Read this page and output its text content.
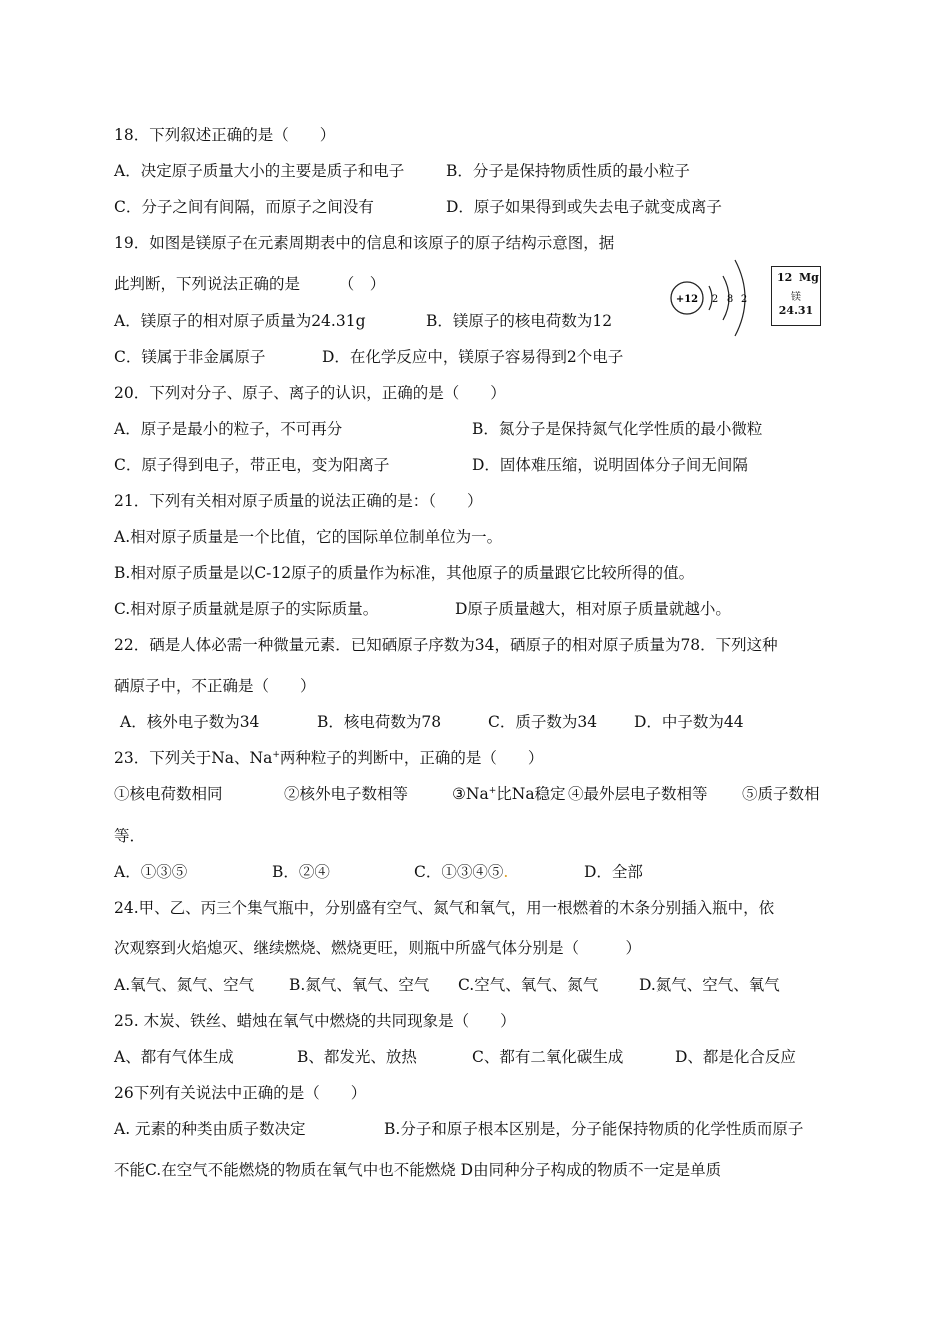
18．下列叙述正确的是（　　）
A．决定原子质量大小的主要是质子和电子	B．分子是保持物质性质的最小粒子
C．分子之间有间隔，而原子之间没有	D．原子如果得到或失去电子就变成离子
19．如图是镁原子在元素周期表中的信息和该原子的原子结构示意图，据
此判断，下列说法正确的是　　　（　）
A．镁原子的相对原子质量为24.31g	B．镁原子的核电荷数为12
C．镁属于非金属原子	D．在化学反应中，镁原子容易得到2个电子
+12 2 8 2
12 Mg
镁
24.31
20．下列对分子、原子、离子的认识，正确的是（　　）
A．原子是最小的粒子，不可再分	B．氮分子是保持氮气化学性质的最小微粒
C．原子得到电子，带正电，变为阳离子	D．固体难压缩，说明固体分子间无间隔
21．下列有关相对原子质量的说法正确的是：（　　）
A.相对原子质量是一个比值，它的国际单位制单位为一。
B.相对原子质量是以C-12原子的质量作为标准，其他原子的质量跟它比较所得的值。
C.相对原子质量就是原子的实际质量。	D原子质量越大，相对原子质量就越小。
22．硒是人体必需一种微量元素．已知硒原子序数为34，硒原子的相对原子质量为78．下列这种
硒原子中，不正确是（　　）
A．核外电子数为34	B．核电荷数为78	C．质子数为34 D．中子数为44
23．下列关于Na、Na+两种粒子的判断中，正确的是（　　）
①核电荷数相同	②核外电子数相等	③Na+比Na稳定 ④最外层电子数相等 ⑤质子数相
等．
A．①③⑤	B．②④	C．①③④⑤.	D．全部
24.甲、乙、丙三个集气瓶中，分别盛有空气、氮气和氧气，用一根燃着的木条分别插入瓶中，依
次观察到火焰熄灭、继续燃烧、燃烧更旺，则瓶中所盛气体分别是（　　　）
A.氧气、氮气、空气 B.氮气、氧气、空气 C.空气、氧气、氮气	D.氮气、空气、氧气
25. 木炭、铁丝、蜡烛在氧气中燃烧的共同现象是（　　）
A、都有气体生成	B、都发光、放热	C、都有二氧化碳生成	D、都是化合反应
26下列有关说法中正确的是（　　）
A. 元素的种类由质子数决定	B.分子和原子根本区别是，分子能保持物质的化学性质而原子
不能C.在空气不能燃烧的物质在氧气中也不能燃烧 D由同种分子构成的物质不一定是单质
